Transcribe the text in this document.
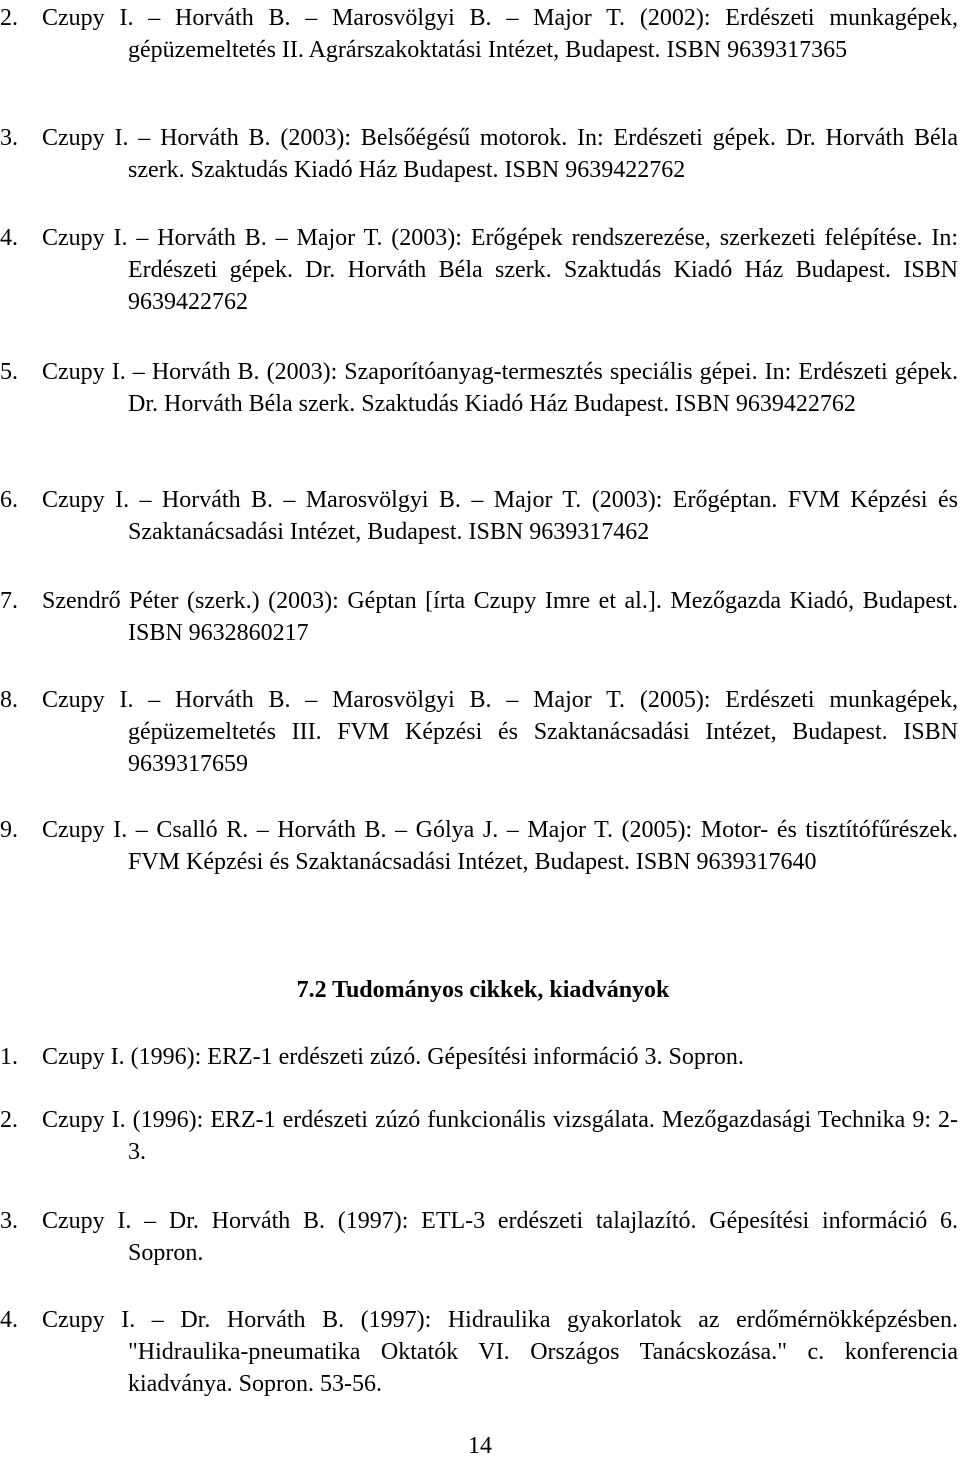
2.	Czupy I. – Horváth B. – Marosvölgyi B. – Major T. (2002): Erdészeti munkagépek, gépüzemeltetés II. Agrárszakoktatási Intézet, Budapest. ISBN 9639317365
3.	Czupy I. – Horváth B. (2003): Belsőégésű motorok. In: Erdészeti gépek. Dr. Horváth Béla szerk. Szaktudás Kiadó Ház Budapest. ISBN 9639422762
4.	Czupy I. – Horváth B. – Major T. (2003): Erőgépek rendszerezése, szerkezeti felépítése. In: Erdészeti gépek. Dr. Horváth Béla szerk. Szaktudás Kiadó Ház Budapest. ISBN 9639422762
5.	Czupy I. – Horváth B. (2003): Szaporítóanyag-termesztés speciális gépei. In: Erdészeti gépek. Dr. Horváth Béla szerk. Szaktudás Kiadó Ház Budapest. ISBN 9639422762
6.	Czupy I. – Horváth B. – Marosvölgyi B. – Major T. (2003): Erőgéptan. FVM Képzési és Szaktanácsadási Intézet, Budapest. ISBN 9639317462
7.	Szendrő Péter (szerk.) (2003): Géptan [írta Czupy Imre et al.]. Mezőgazda Kiadó, Budapest. ISBN 9632860217
8.	Czupy I. – Horváth B. – Marosvölgyi B. – Major T. (2005): Erdészeti munkagépek, gépüzemeltetés III. FVM Képzési és Szaktanácsadási Intézet, Budapest. ISBN 9639317659
9.	Czupy I. – Csalló R. – Horváth B. – Gólya J. – Major T. (2005): Motor- és tisztítófűrészek. FVM Képzési és Szaktanácsadási Intézet, Budapest. ISBN 9639317640
7.2 Tudományos cikkek, kiadványok
1.	Czupy I. (1996): ERZ-1 erdészeti zúzó. Gépesítési információ 3. Sopron.
2.	Czupy I. (1996): ERZ-1 erdészeti zúzó funkcionális vizsgálata. Mezőgazdasági Technika 9: 2-3.
3.	Czupy I. – Dr. Horváth B. (1997): ETL-3 erdészeti talajlazító. Gépesítési információ 6. Sopron.
4.	Czupy I. – Dr. Horváth B. (1997): Hidraulika gyakorlatok az erdőmérnökképzésben. "Hidraulika-pneumatika Oktatók VI. Országos Tanácskozása." c. konferencia kiadványa. Sopron. 53-56.
14
